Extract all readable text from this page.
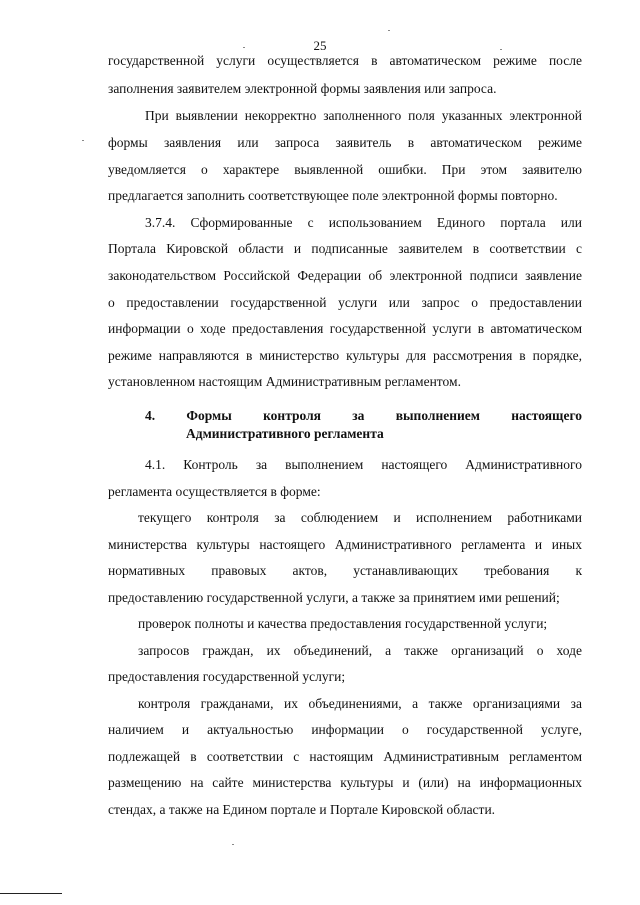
25
государственной услуги осуществляется в автоматическом режиме после
заполнения заявителем электронной формы заявления или запроса.
При выявлении некорректно заполненного поля указанных электронной
формы заявления или запроса заявитель в автоматическом режиме
уведомляется о характере выявленной ошибки. При этом заявителю
предлагается заполнить соответствующее поле электронной формы повторно.
3.7.4. Сформированные с использованием Единого портала или
Портала Кировской области и подписанные заявителем в соответствии с
законодательством Российской Федерации об электронной подписи заявление
о предоставлении государственной услуги или запрос о предоставлении
информации о ходе предоставления государственной услуги в автоматическом
режиме направляются в министерство культуры для рассмотрения в порядке,
установленном настоящим Административным регламентом.
4. Формы контроля за выполнением настоящего
Административного регламента
4.1. Контроль за выполнением настоящего Административного
регламента осуществляется в форме:
текущего контроля за соблюдением и исполнением работниками
министерства культуры настоящего Административного регламента и иных
нормативных правовых актов, устанавливающих требования к
предоставлению государственной услуги, а также за принятием ими решений;
проверок полноты и качества предоставления государственной услуги;
запросов граждан, их объединений, а также организаций о ходе
предоставления государственной услуги;
контроля гражданами, их объединениями, а также организациями за
наличием и актуальностью информации о государственной услуге,
подлежащей в соответствии с настоящим Административным регламентом
размещению на сайте министерства культуры и (или) на информационных
стендах, а также на Едином портале и Портале Кировской области.
